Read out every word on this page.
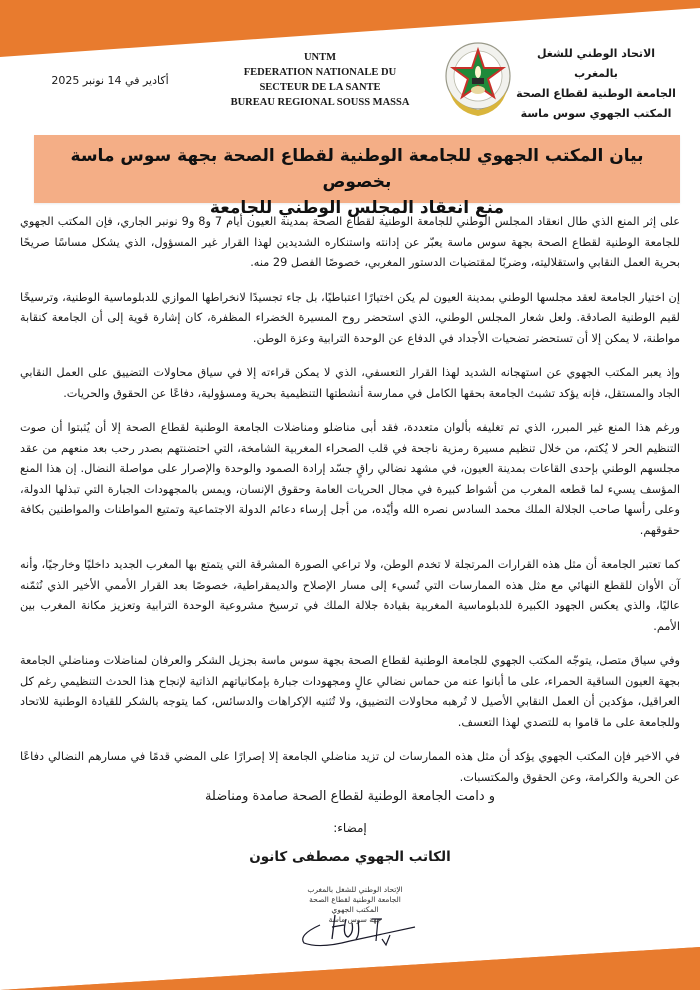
الاتحاد الوطني للشغل بالمغرب
الجامعة الوطنية لقطاع الصحة
المكتب الجهوي سوس ماسة
UNTM
FEDERATION NATIONALE DU
SECTEUR DE LA SANTE
BUREAU REGIONAL SOUSS MASSA
أكادير في 14 نونبر 2025
بيان المكتب الجهوي للجامعة الوطنية لقطاع الصحة بجهة سوس ماسة بخصوص
منع انعقاد المجلس الوطني للجامعة

على إثر المنع الذي طال انعقاد المجلس الوطني للجامعة الوطنية لقطاع الصحة بمدينة العيون أيام 7 و8 و9 نونبر الجاري، فإن المكتب الجهوي للجامعة الوطنية لقطاع الصحة بجهة سوس ماسة يعبّر عن إدانته واستنكاره الشديدين لهذا القرار غير المسؤول، الذي يشكل مساسًا صريحًا بحرية العمل النقابي واستقلاليته، وضربًا لمقتضيات الدستور المغربي، خصوصًا الفصل 29 منه.

إن اختيار الجامعة لعقد مجلسها الوطني بمدينة العيون لم يكن اختيارًا اعتباطيًا، بل جاء تجسيدًا لانخراطها الموازي للدبلوماسية الوطنية، وترسيخًا لقيم الوطنية الصادقة. ولعل شعار المجلس الوطني، الذي استحضر روح المسيرة الخضراء المظفرة، كان إشارة قوية إلى أن الجامعة كنقابة مواطنة، لا يمكن إلا أن تستحضر تضحيات الأجداد في الدفاع عن الوحدة الترابية وعزة الوطن.

وإذ يعبر المكتب الجهوي عن استهجانه الشديد لهذا القرار التعسفي، الذي لا يمكن قراءته إلا في سياق محاولات التضييق على العمل النقابي الجاد والمستقل، فإنه يؤكد تشبث الجامعة بحقها الكامل في ممارسة أنشطتها التنظيمية بحرية ومسؤولية، دفاعًا عن الحقوق والحريات.

ورغم هذا المنع غير المبرر، الذي تم تغليفه بألوان متعددة، فقد أبى مناضلو ومناضلات الجامعة الوطنية لقطاع الصحة إلا أن يُثبتوا أن صوت التنظيم الحر لا يُكتم، من خلال تنظيم مسيرة رمزية ناجحة في قلب الصحراء المغربية الشامخة، التي احتضنتهم بصدر رحب بعد منعهم من عقد مجلسهم الوطني بإحدى القاعات بمدينة العيون، في مشهد نضالي راقٍ جسّد إرادة الصمود والوحدة والإصرار على مواصلة النضال. إن هذا المنع المؤسف يسيء لما قطعه المغرب من أشواط كبيرة في مجال الحريات العامة وحقوق الإنسان، ويمس بالمجهودات الجبارة التي تبذلها الدولة، وعلى رأسها صاحب الجلالة الملك محمد السادس نصره الله وأيّده، من أجل إرساء دعائم الدولة الاجتماعية وتمتيع المواطنات والمواطنين بكافة حقوقهم.

كما تعتبر الجامعة أن مثل هذه القرارات المرتجلة لا تخدم الوطن، ولا تراعي الصورة المشرقة التي يتمتع بها المغرب الجديد داخليًا وخارجيًا، وأنه آن الأوان للقطع النهائي مع مثل هذه الممارسات التي تُسيء إلى مسار الإصلاح والديمقراطية، خصوصًا بعد القرار الأممي الأخير الذي نُثمّنه عاليًا، والذي يعكس الجهود الكبيرة للدبلوماسية المغربية بقيادة جلالة الملك في ترسيخ مشروعية الوحدة الترابية وتعزيز مكانة المغرب بين الأمم.

وفي سياق متصل، يتوجّه المكتب الجهوي للجامعة الوطنية لقطاع الصحة بجهة سوس ماسة بجزيل الشكر والعرفان لمناضلات ومناضلي الجامعة بجهة العيون الساقية الحمراء، على ما أبانوا عنه من حماس نضالي عالٍ ومجهودات جبارة بإمكانياتهم الذاتية لإنجاح هذا الحدث التنظيمي رغم كل العراقيل، مؤكدين أن العمل النقابي الأصيل لا تُرهبه محاولات التضييق، ولا تُثنيه الإكراهات والدسائس، كما يتوجه بالشكر للقيادة الوطنية للاتحاد وللجامعة على ما قاموا به للتصدي لهذا التعسف.

في الاخير فإن المكتب الجهوي يؤكد أن مثل هذه الممارسات لن تزيد مناضلي الجامعة إلا إصرارًا على المضي قدمًا في مسارهم النضالي دفاعًا عن الحرية والكرامة، وعن الحقوق والمكتسبات.

و دامت الجامعة الوطنية لقطاع الصحة صامدة ومناضلة
إمضاء:
الكاتب الجهوي مصطفى كانون
الإتحاد الوطني للشغل بالمغرب
الجامعة الوطنية لقطاع الصحة
المكتب الجهوي
جهة سوس ماسة
